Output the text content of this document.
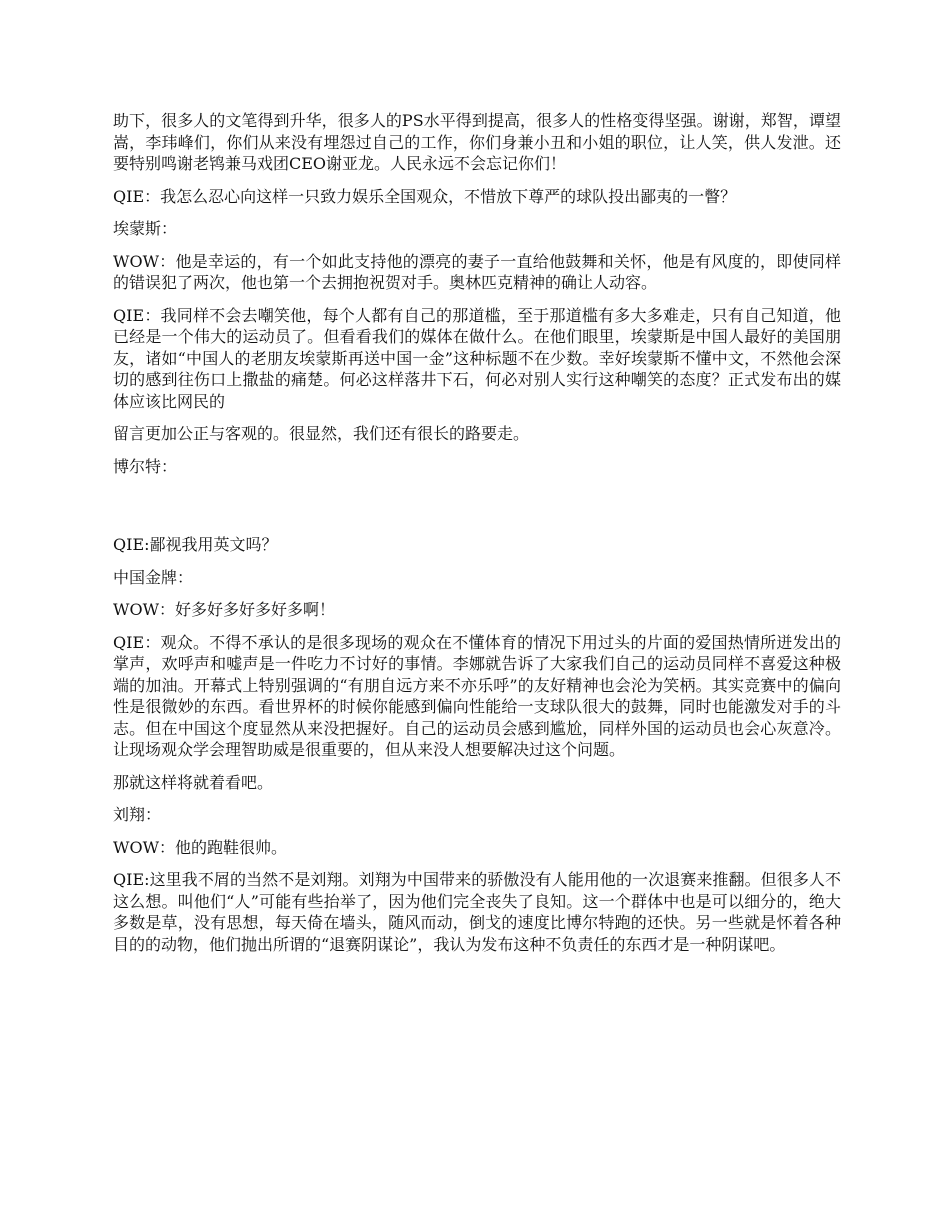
助下，很多人的文笔得到升华，很多人的PS水平得到提高，很多人的性格变得坚强。谢谢，郑智，谭望嵩，李玮峰们，你们从来没有埋怨过自己的工作，你们身兼小丑和小姐的职位，让人笑，供人发泄。还要特别鸣谢老鸨兼马戏团CEO谢亚龙。人民永远不会忘记你们！

QIE：我怎么忍心向这样一只致力娱乐全国观众，不惜放下尊严的球队投出鄙夷的一瞥？

埃蒙斯：

WOW：他是幸运的，有一个如此支持他的漂亮的妻子一直给他鼓舞和关怀，他是有风度的，即使同样的错误犯了两次，他也第一个去拥抱祝贺对手。奥林匹克精神的确让人动容。

QIE：我同样不会去嘲笑他，每个人都有自己的那道槛，至于那道槛有多大多难走，只有自己知道，他已经是一个伟大的运动员了。但看看我们的媒体在做什么。在他们眼里，埃蒙斯是中国人最好的美国朋友，诸如“中国人的老朋友埃蒙斯再送中国一金”这种标题不在少数。幸好埃蒙斯不懂中文，不然他会深切的感到往伤口上撒盐的痛楚。何必这样落井下石，何必对别人实行这种嘲笑的态度？正式发布出的媒体应该比网民的

留言更加公正与客观的。很显然，我们还有很长的路要走。

博尔特：

QIE:鄙视我用英文吗？

中国金牌：

WOW：好多好多好多好多啊！

QIE：观众。不得不承认的是很多现场的观众在不懂体育的情况下用过头的片面的爱国热情所迸发出的掌声，欢呼声和嘘声是一件吃力不讨好的事情。李娜就告诉了大家我们自己的运动员同样不喜爱这种极端的加油。开幕式上特别强调的“有朋自远方来不亦乐呼”的友好精神也会沦为笑柄。其实竞赛中的偏向性是很微妙的东西。看世界杯的时候你能感到偏向性能给一支球队很大的鼓舞，同时也能激发对手的斗志。但在中国这个度显然从来没把握好。自己的运动员会感到尴尬，同样外国的运动员也会心灰意冷。让现场观众学会理智助威是很重要的，但从来没人想要解决过这个问题。

那就这样将就着看吧。

刘翔：

WOW：他的跑鞋很帅。

QIE:这里我不屑的当然不是刘翔。刘翔为中国带来的骄傲没有人能用他的一次退赛来推翻。但很多人不这么想。叫他们“人”可能有些抬举了，因为他们完全丧失了良知。这一个群体中也是可以细分的，绝大多数是草，没有思想，每天倚在墙头，随风而动，倒戈的速度比博尔特跑的还快。另一些就是怀着各种目的的动物，他们抛出所谓的“退赛阴谋论”，我认为发布这种不负责任的东西才是一种阴谋吧。
